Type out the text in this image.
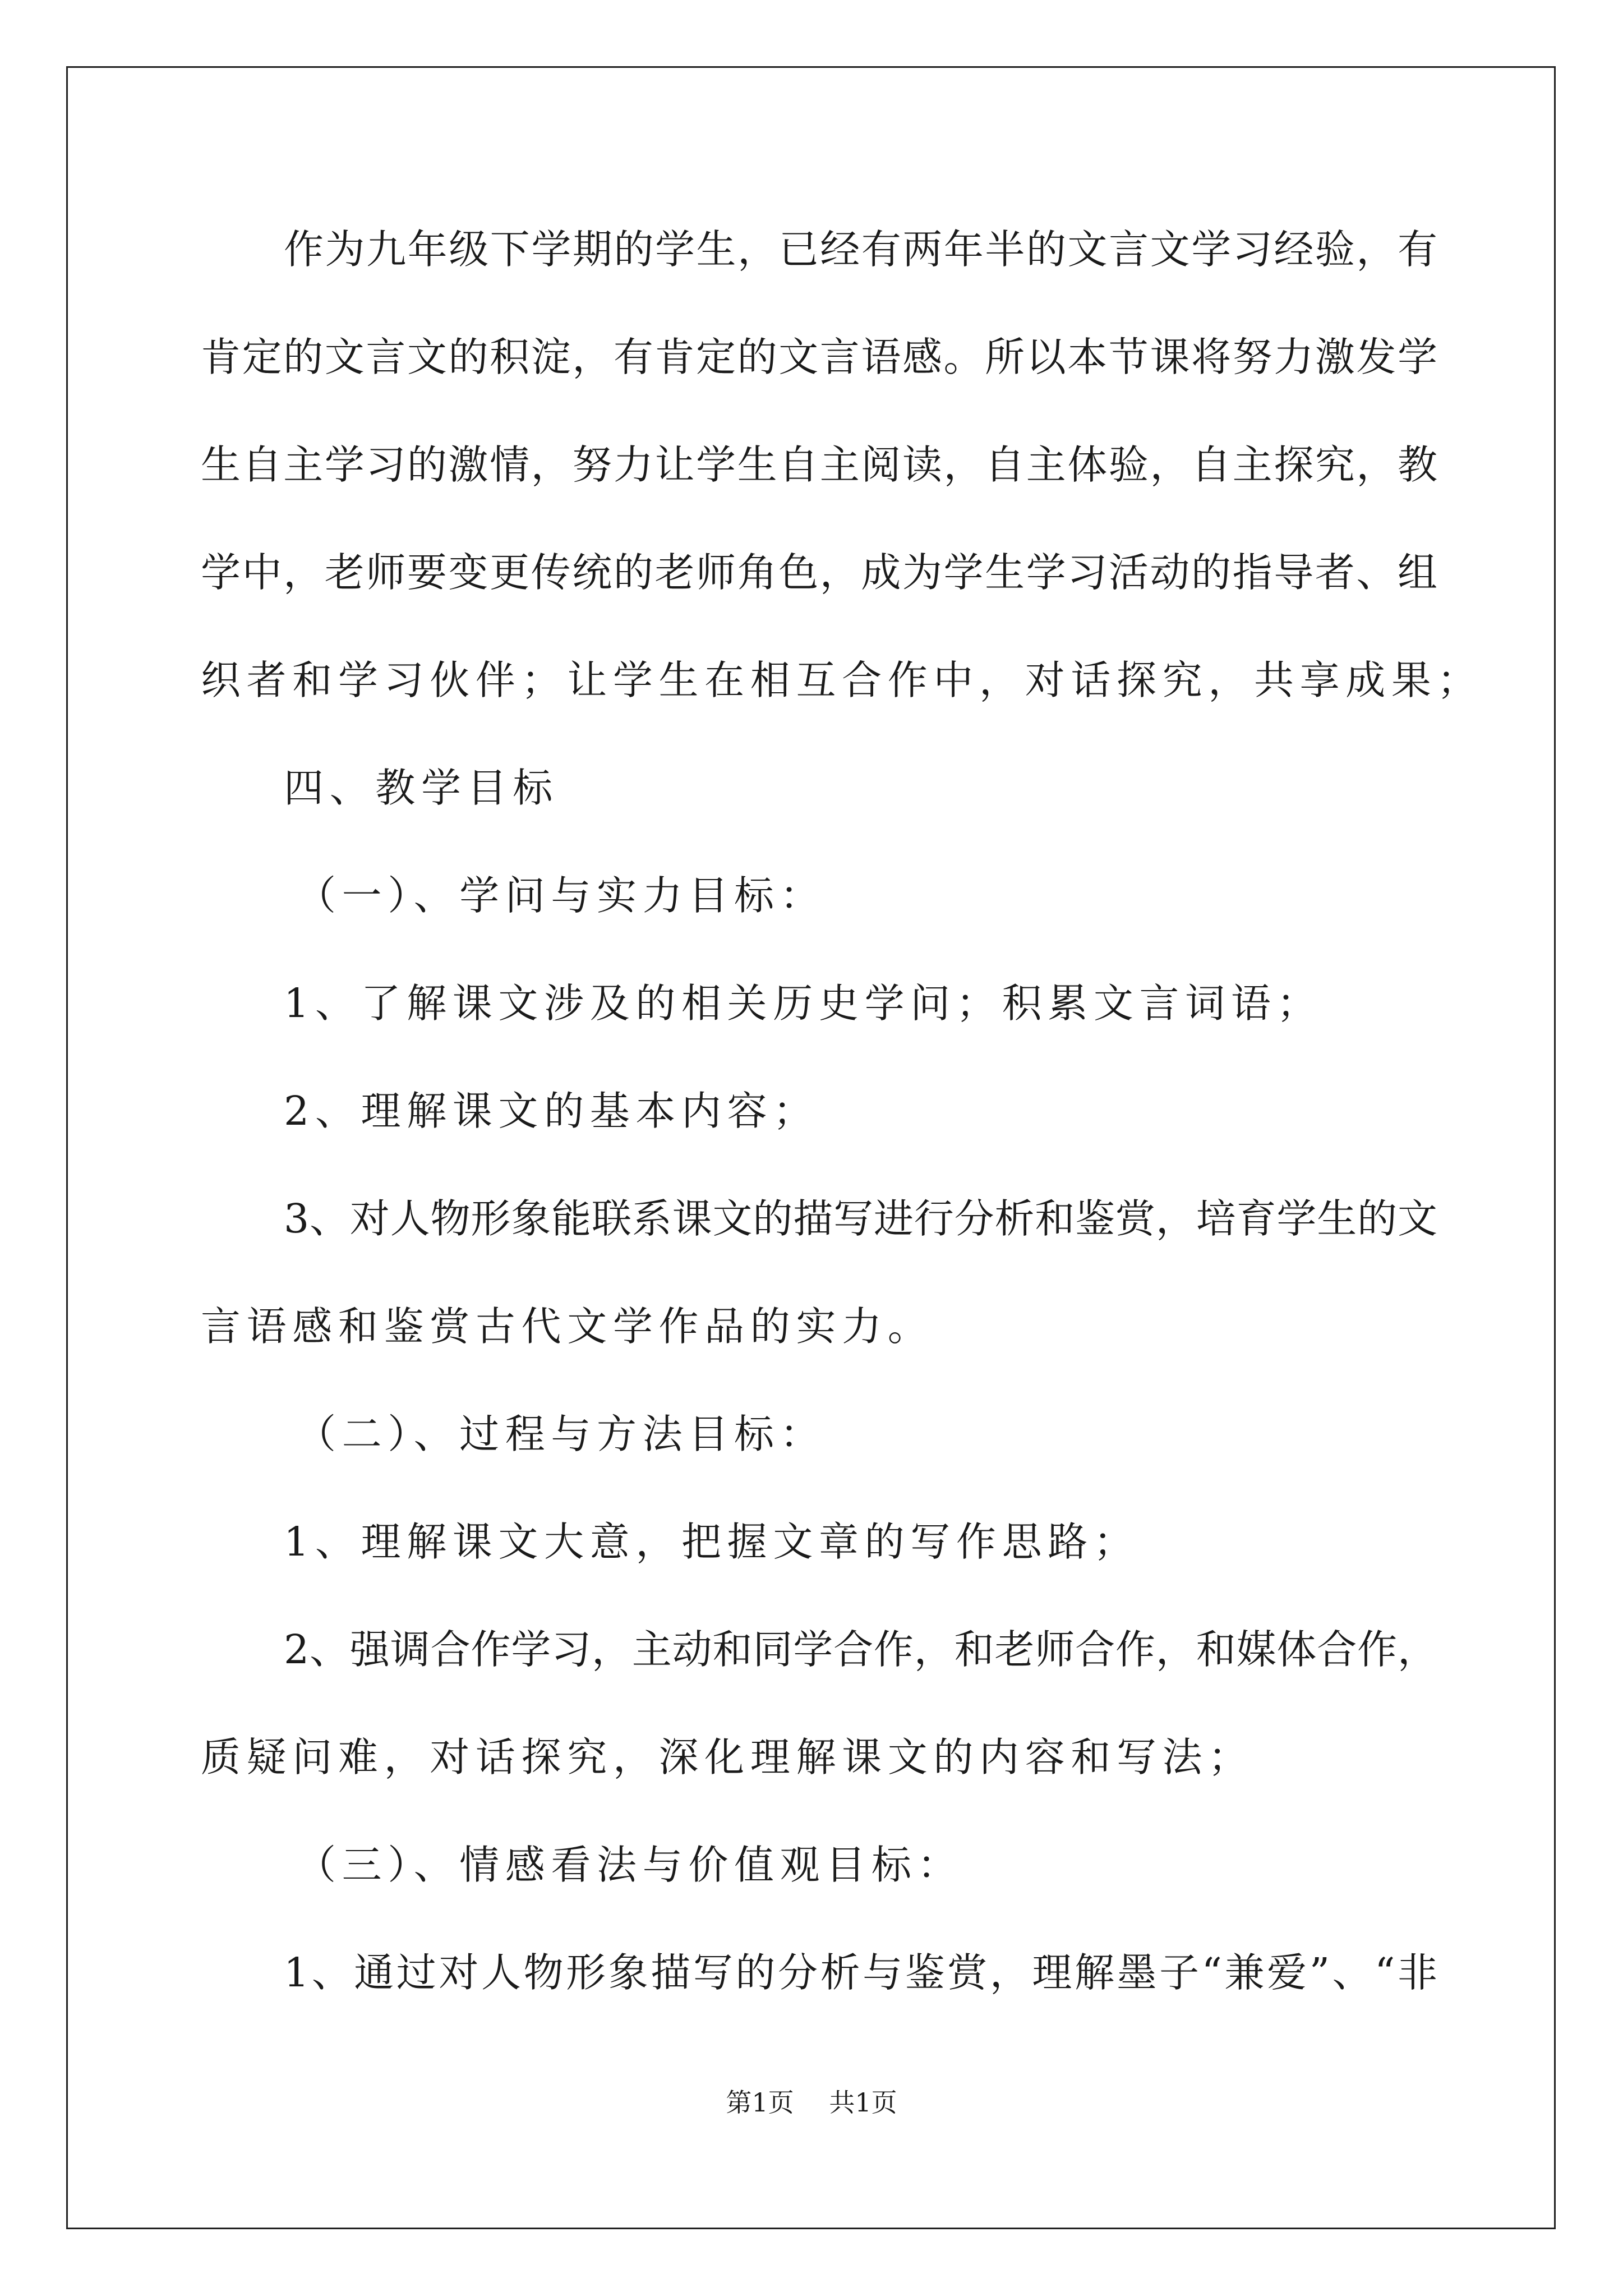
作为九年级下学期的学生，已经有两年半的文言文学习经验，有
肯定的文言文的积淀，有肯定的文言语感。所以本节课将努力激发学
生自主学习的激情，努力让学生自主阅读，自主体验，自主探究，教
学中，老师要变更传统的老师角色，成为学生学习活动的指导者、组
织者和学习伙伴；让学生在相互合作中，对话探究，共享成果；
四、教学目标
（一）、学问与实力目标：
1、了解课文涉及的相关历史学问；积累文言词语；
2、理解课文的基本内容；
3、对人物形象能联系课文的描写进行分析和鉴赏，培育学生的文
言语感和鉴赏古代文学作品的实力。
（二）、过程与方法目标：
1、理解课文大意，把握文章的写作思路；
2、强调合作学习，主动和同学合作，和老师合作，和媒体合作，
质疑问难，对话探究，深化理解课文的内容和写法；
（三）、情感看法与价值观目标：
1、通过对人物形象描写的分析与鉴赏，理解墨子“兼爱”、“非
第1页 共1页
